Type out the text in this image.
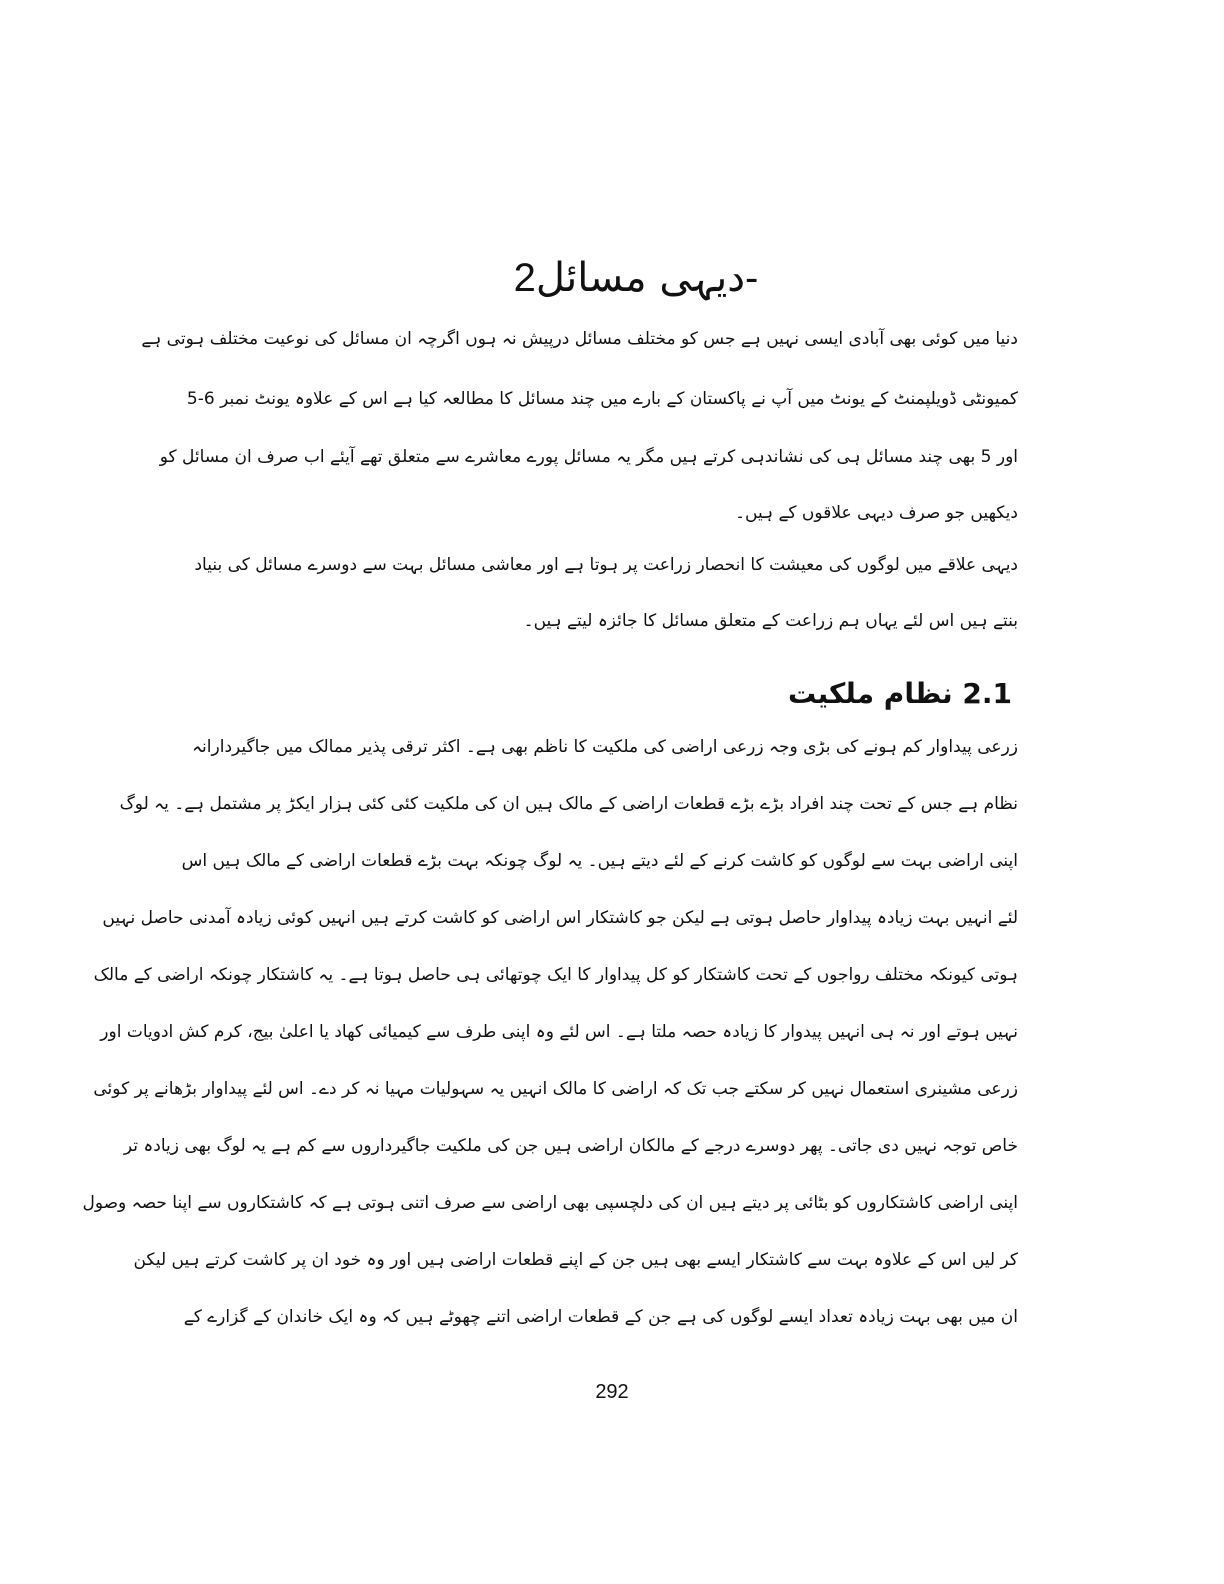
دیہی مسائل2-

دنیا میں کوئی بھی آبادی ایسی نہیں ہے جس کو مختلف مسائل درپیش نہ ہوں اگرچہ ان مسائل کی نوعیت مختلف ہوتی ہے

کمیونٹی ڈویلپمنٹ کے یونٹ میں آپ نے پاکستان کے بارے میں چند مسائل کا مطالعہ کیا ہے اس کے علاوہ یونٹ نمبر 6-5

اور 5 بھی چند مسائل ہی کی نشاندہی کرتے ہیں مگر یہ مسائل پورے معاشرے سے متعلق تھے آیئے اب صرف ان مسائل کو

دیکھیں جو صرف دیہی علاقوں کے ہیں۔

دیہی علاقے میں لوگوں کی معیشت کا انحصار زراعت پر ہوتا ہے اور معاشی مسائل بہت سے دوسرے مسائل کی بنیاد

بنتے ہیں اس لئے یہاں ہم زراعت کے متعلق مسائل کا جائزہ لیتے ہیں۔

2.1 نظام ملکیت

زرعی پیداوار کم ہونے کی بڑی وجہ زرعی اراضی کی ملکیت کا ناظم بھی ہے۔ اکثر ترقی پذیر ممالک میں جاگیردارانہ

نظام ہے جس کے تحت چند افراد بڑے بڑے قطعات اراضی کے مالک ہیں ان کی ملکیت کئی کئی ہزار ایکڑ پر مشتمل ہے۔ یہ لوگ

اپنی اراضی بہت سے لوگوں کو کاشت کرنے کے لئے دیتے ہیں۔ یہ لوگ چونکہ بہت بڑے قطعات اراضی کے مالک ہیں اس

لئے انہیں بہت زیادہ پیداوار حاصل ہوتی ہے لیکن جو کاشتکار اس اراضی کو کاشت کرتے ہیں انہیں کوئی زیادہ آمدنی حاصل نہیں

ہوتی کیونکہ مختلف رواجوں کے تحت کاشتکار کو کل پیداوار کا ایک چوتھائی ہی حاصل ہوتا ہے۔ یہ کاشتکار چونکہ اراضی کے مالک

نہیں ہوتے اور نہ ہی انہیں پیدوار کا زیادہ حصہ ملتا ہے۔ اس لئے وہ اپنی طرف سے کیمیائی کھاد یا اعلیٰ بیج، کرم کش ادویات اور

زرعی مشینری استعمال نہیں کر سکتے جب تک کہ اراضی کا مالک انہیں یہ سہولیات مہیا نہ کر دے۔ اس لئے پیداوار بڑھانے پر کوئی

خاص توجہ نہیں دی جاتی۔ پھر دوسرے درجے کے مالکان اراضی ہیں جن کی ملکیت جاگیرداروں سے کم ہے یہ لوگ بھی زیادہ تر

اپنی اراضی کاشتکاروں کو بٹائی پر دیتے ہیں ان کی دلچسپی بھی اراضی سے صرف اتنی ہوتی ہے کہ کاشتکاروں سے اپنا حصہ وصول

کر لیں اس کے علاوہ بہت سے کاشتکار ایسے بھی ہیں جن کے اپنے قطعات اراضی ہیں اور وہ خود ان پر کاشت کرتے ہیں لیکن

ان میں بھی بہت زیادہ تعداد ایسے لوگوں کی ہے جن کے قطعات اراضی اتنے چھوٹے ہیں کہ وہ ایک خاندان کے گزارے کے

292
